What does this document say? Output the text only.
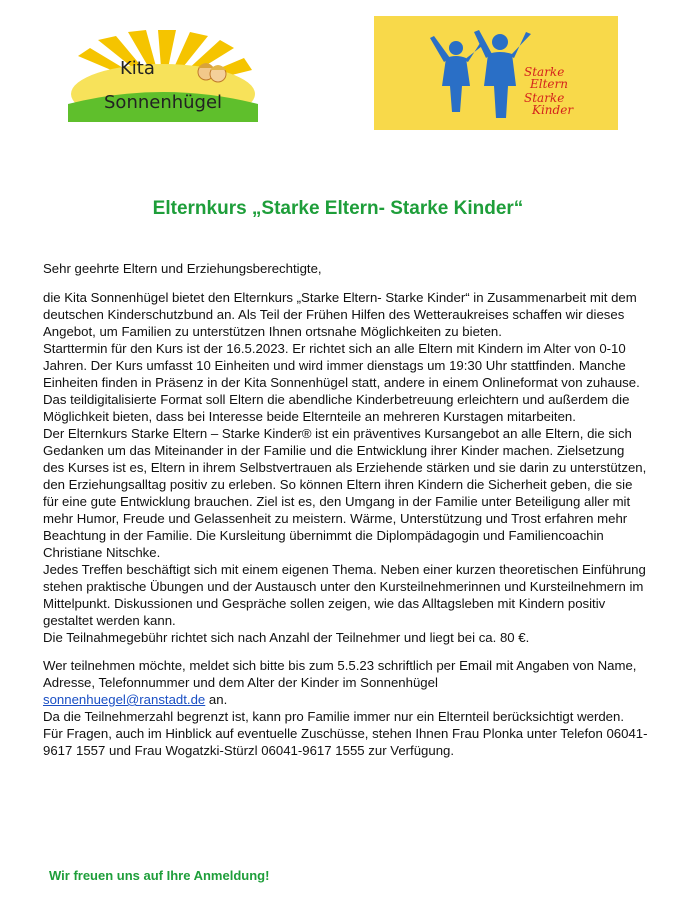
Kita
Sonnenhügel
Starke
Eltern
Starke
Kinder
Elternkurs „Starke Eltern- Starke Kinder“

Sehr geehrte Eltern und Erziehungsberechtigte,

die Kita Sonnenhügel bietet den Elternkurs „Starke Eltern- Starke Kinder“ in Zusammenarbeit mit dem deutschen Kinderschutzbund an. Als Teil der Frühen Hilfen des Wetteraukreises schaffen wir dieses Angebot, um Familien zu unterstützen Ihnen ortsnahe Möglichkeiten zu bieten.

Starttermin für den Kurs ist der 16.5.2023. Er richtet sich an alle Eltern mit Kindern im Alter von 0-10 Jahren. Der Kurs umfasst 10 Einheiten und wird immer dienstags um 19:30 Uhr stattfinden. Manche Einheiten finden in Präsenz in der Kita Sonnenhügel statt, andere in einem Onlineformat von zuhause. Das teildigitalisierte Format soll Eltern die abendliche Kinderbetreuung erleichtern und außerdem die Möglichkeit bieten, dass bei Interesse beide Elternteile an mehreren Kurstagen mitarbeiten.

Der Elternkurs Starke Eltern – Starke Kinder® ist ein präventives Kursangebot an alle Eltern, die sich Gedanken um das Miteinander in der Familie und die Entwicklung ihrer Kinder machen. Zielsetzung des Kurses ist es, Eltern in ihrem Selbstvertrauen als Erziehende stärken und sie darin zu unterstützen, den Erziehungsalltag positiv zu erleben. So können Eltern ihren Kindern die Sicherheit geben, die sie für eine gute Entwicklung brauchen. Ziel ist es, den Umgang in der Familie unter Beteiligung aller mit mehr Humor, Freude und Gelassenheit zu meistern. Wärme, Unterstützung und Trost erfahren mehr Beachtung in der Familie. Die Kursleitung übernimmt die Diplompädagogin und Familiencoachin Christiane Nitschke.

Jedes Treffen beschäftigt sich mit einem eigenen Thema. Neben einer kurzen theoretischen Einführung stehen praktische Übungen und der Austausch unter den Kursteilnehmerinnen und Kursteilnehmern im Mittelpunkt. Diskussionen und Gespräche sollen zeigen, wie das Alltagsleben mit Kindern positiv gestaltet werden kann.

Die Teilnahmegebühr richtet sich nach Anzahl der Teilnehmer und liegt bei ca. 80 €.

Wer teilnehmen möchte, meldet sich bitte bis zum 5.5.23 schriftlich per Email mit Angaben von Name, Adresse, Telefonnummer und dem Alter der Kinder im Sonnenhügel
sonnenhuegel@ranstadt.de an.

Da die Teilnehmerzahl begrenzt ist, kann pro Familie immer nur ein Elternteil berücksichtigt werden.

Für Fragen, auch im Hinblick auf eventuelle Zuschüsse, stehen Ihnen Frau Plonka unter Telefon 06041-9617 1557 und Frau Wogatzki-Stürzl 06041-9617 1555 zur Verfügung.

Wir freuen uns auf Ihre Anmeldung!
